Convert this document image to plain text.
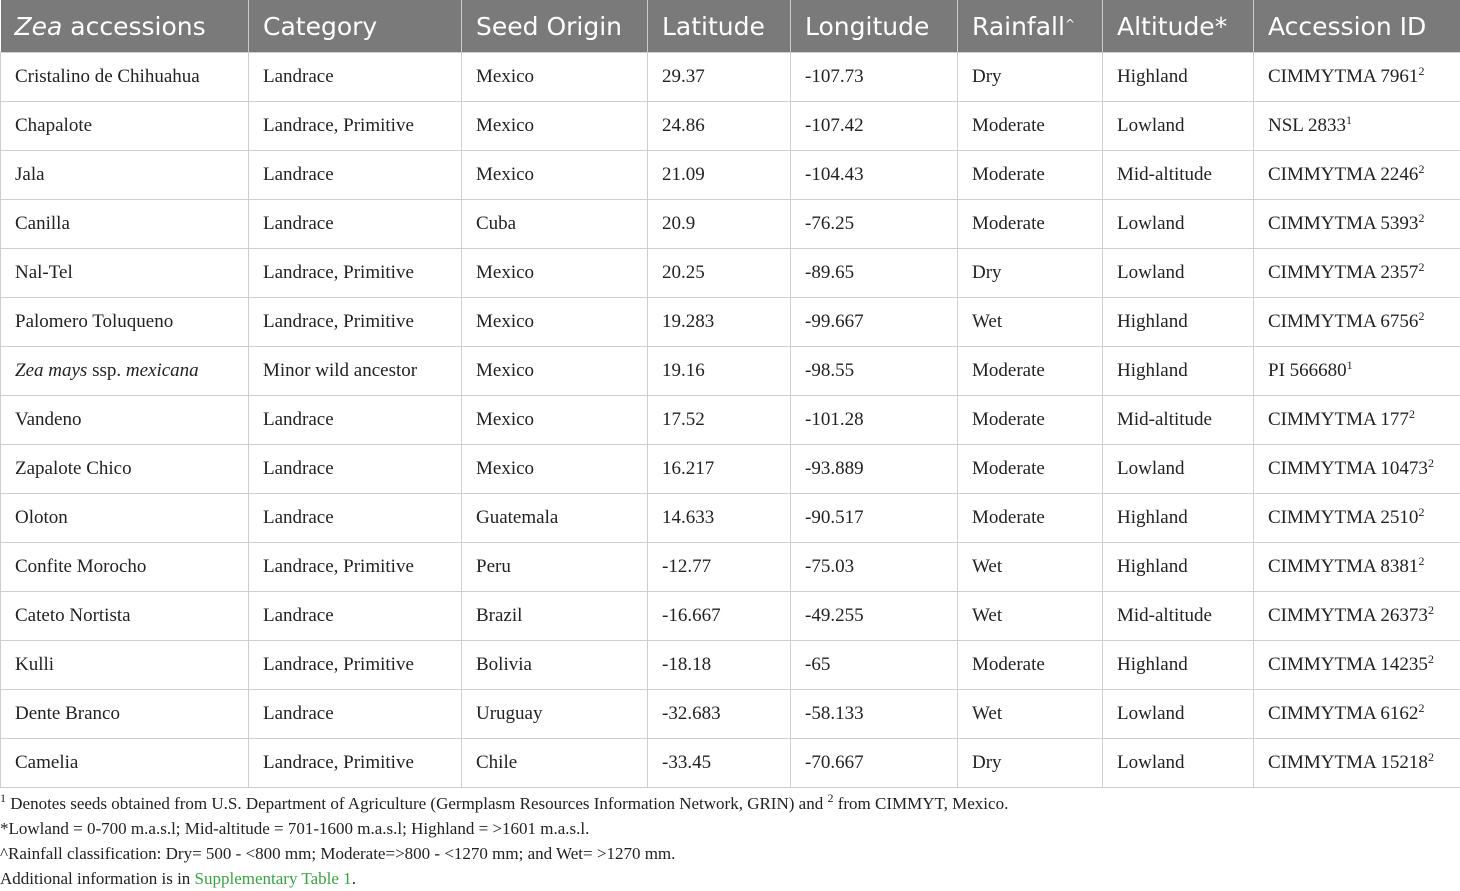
Zea accessions	Category	Seed Origin	Latitude	Longitude	Rainfall^	Altitude*	Accession ID
Cristalino de Chihuahua	Landrace	Mexico	29.37	-107.73	Dry	Highland	CIMMYTMA 7961$^2$
Chapalote	Landrace, Primitive	Mexico	24.86	-107.42	Moderate	Lowland	NSL 2833$^1$
Jala	Landrace	Mexico	21.09	-104.43	Moderate	Mid-altitude	CIMMYTMA 2246$^2$
Canilla	Landrace	Cuba	20.9	-76.25	Moderate	Lowland	CIMMYTMA 5393$^2$
Nal-Tel	Landrace, Primitive	Mexico	20.25	-89.65	Dry	Lowland	CIMMYTMA 2357$^2$
Palomero Toluqueno	Landrace, Primitive	Mexico	19.283	-99.667	Wet	Highland	CIMMYTMA 6756$^2$
Zea mays ssp. mexicana	Minor wild ancestor	Mexico	19.16	-98.55	Moderate	Highland	PI 566680$^1$
Vandeno	Landrace	Mexico	17.52	-101.28	Moderate	Mid-altitude	CIMMYTMA $177^2$
Zapalote Chico	Landrace	Mexico	16.217	-93.889	Moderate	Lowland	CIMMYTMA 10473$^2$
Oloton	Landrace	Guatemala	14.633	-90.517	Moderate	Highland	CIMMYTMA 2510$^2$
Confite Morocho	Landrace, Primitive	Peru	-12.77	-75.03	Wet	Highland	CIMMYTMA 8381$^2$
Cateto Nortista	Landrace	Brazil	-16.667	-49.255	Wet	Mid-altitude	CIMMYTMA 26373$^2$
Kulli	Landrace, Primitive	Bolivia	-18.18	-65	Moderate	Highland	CIMMYTMA 14235$^2$
Dente Branco	Landrace	Uruguay	-32.683	-58.133	Wet	Lowland	CIMMYTMA 6162$^2$
Camelia	Landrace, Primitive	Chile	-33.45	-70.667	Dry	Lowland	CIMMYTMA 15218$^2$
$^1$ Denotes seeds obtained from U.S. Department of Agriculture (Germplasm Resources Information Network, GRIN) and $^2$ from CIMMYT, Mexico.
*Lowland = 0-700 m.a.s.l; Mid-altitude = 701-1600 m.a.s.l; Highland = >1601 m.a.s.l.
^Rainfall classification: Dry= 500 - <800 mm; Moderate=>800 - <1270 mm; and Wet= >1270 mm.
Additional information is in Supplementary Table 1.
